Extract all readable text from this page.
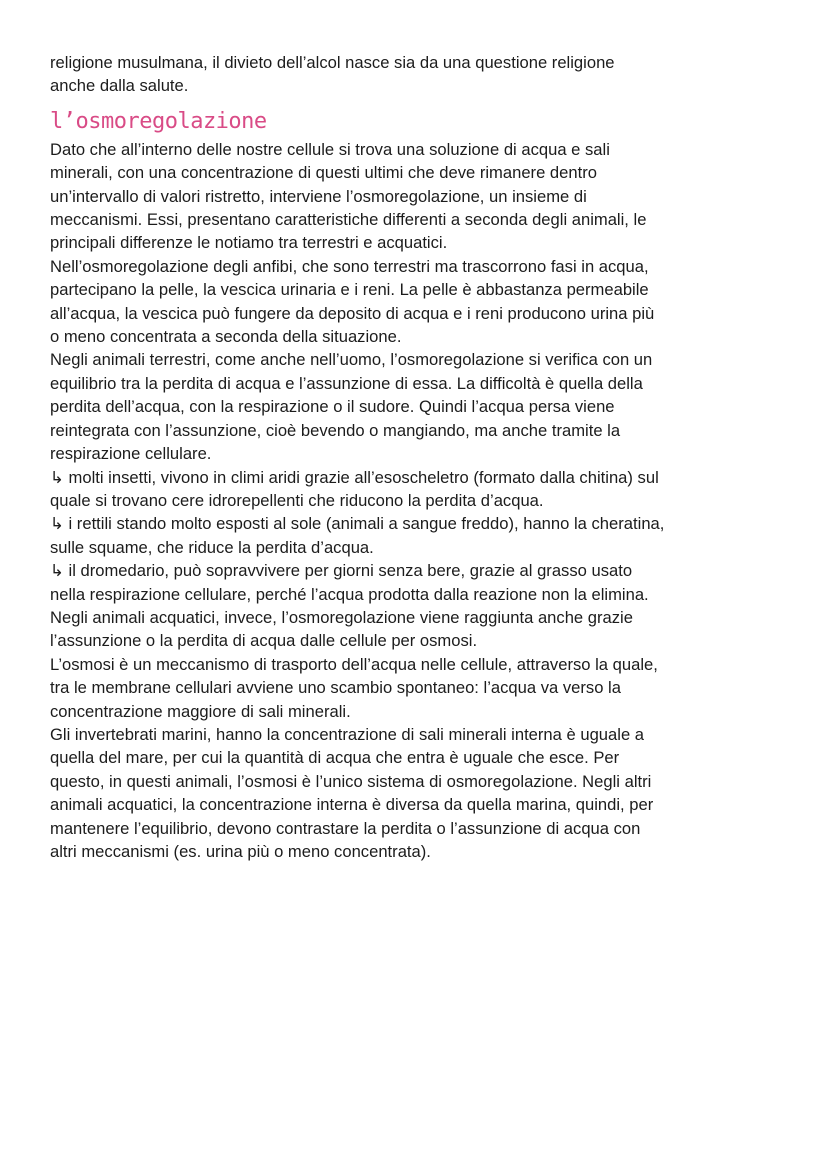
religione musulmana, il divieto dell’alcol nasce sia da una questione religione
anche dalla salute.
l’osmoregolazione
Dato che all’interno delle nostre cellule si trova una soluzione di acqua e sali
minerali, con una concentrazione di questi ultimi che deve rimanere dentro
un’intervallo di valori ristretto, interviene l’osmoregolazione, un insieme di
meccanismi. Essi, presentano caratteristiche differenti a seconda degli animali, le
principali differenze le notiamo tra terrestri e acquatici.
Nell’osmoregolazione degli anfibi, che sono terrestri ma trascorrono fasi in acqua,
partecipano la pelle, la vescica urinaria e i reni. La pelle è abbastanza permeabile
all’acqua, la vescica può fungere da deposito di acqua e i reni producono urina più
o meno concentrata a seconda della situazione.
Negli animali terrestri, come anche nell’uomo, l’osmoregolazione si verifica con un
equilibrio tra la perdita di acqua e l’assunzione di essa. La difficoltà è quella della
perdita dell’acqua, con la respirazione o il sudore. Quindi l’acqua persa viene
reintegrata con l’assunzione, cioè bevendo o mangiando, ma anche tramite la
respirazione cellulare.
↳ molti insetti, vivono in climi aridi grazie all’esoscheletro (formato dalla chitina) sul
quale si trovano cere idrorepellenti che riducono la perdita d’acqua.
↳ i rettili stando molto esposti al sole (animali a sangue freddo), hanno la cheratina,
sulle squame, che riduce la perdita d’acqua.
↳ il dromedario, può sopravvivere per giorni senza bere, grazie al grasso usato
nella respirazione cellulare, perché l’acqua prodotta dalla reazione non la elimina.
Negli animali acquatici, invece, l’osmoregolazione viene raggiunta anche grazie
l’assunzione o la perdita di acqua dalle cellule per osmosi.
L’osmosi è un meccanismo di trasporto dell’acqua nelle cellule, attraverso la quale,
tra le membrane cellulari avviene uno scambio spontaneo: l’acqua va verso la
concentrazione maggiore di sali minerali.
Gli invertebrati marini, hanno la concentrazione di sali minerali interna è uguale a
quella del mare, per cui la quantità di acqua che entra è uguale che esce. Per
questo, in questi animali, l’osmosi è l’unico sistema di osmoregolazione. Negli altri
animali acquatici, la concentrazione interna è diversa da quella marina, quindi, per
mantenere l’equilibrio, devono contrastare la perdita o l’assunzione di acqua con
altri meccanismi (es. urina più o meno concentrata).
